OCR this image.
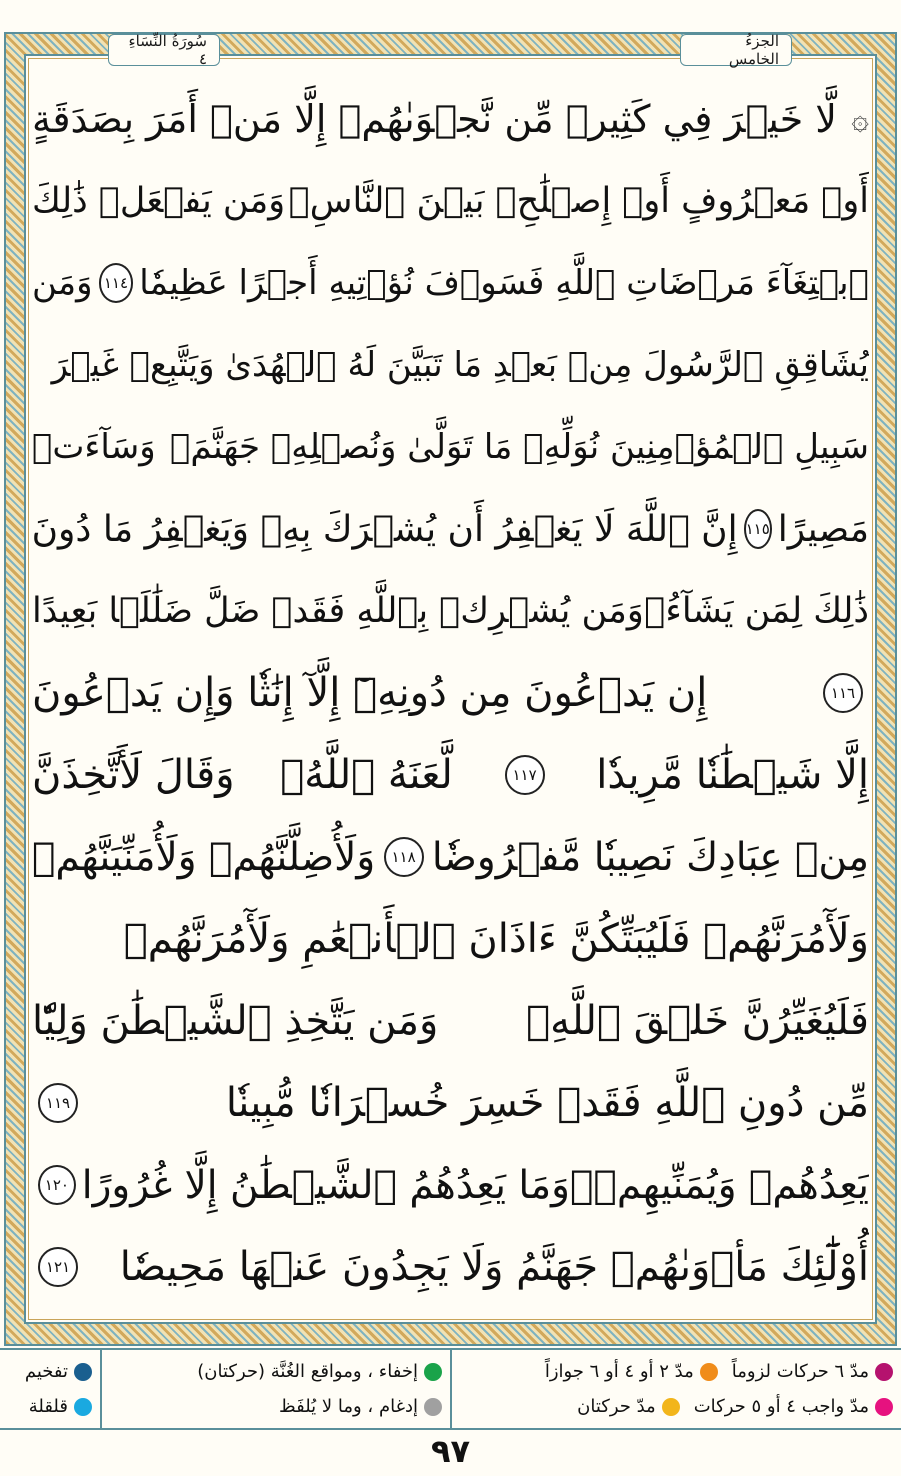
الجزءُ الخامس
سُورَةُ النِّسَاءِ ٤
۞
لَّا خَيۡرَ فِي كَثِيرٖ مِّن نَّجۡوَىٰهُمۡ إِلَّا مَنۡ أَمَرَ بِصَدَقَةٍ
أَوۡ مَعۡرُوفٍ أَوۡ إِصۡلَٰحِۭ بَيۡنَ ٱلنَّاسِۚ
وَمَن يَفۡعَلۡ ذَٰلِكَ
ٱبۡتِغَآءَ مَرۡضَاتِ ٱللَّهِ فَسَوۡفَ نُؤۡتِيهِ أَجۡرًا عَظِيمٗا
١١٤
وَمَن
يُشَاقِقِ ٱلرَّسُولَ مِنۢ بَعۡدِ مَا تَبَيَّنَ لَهُ ٱلۡهُدَىٰ وَيَتَّبِعۡ غَيۡرَ
سَبِيلِ ٱلۡمُؤۡمِنِينَ نُوَلِّهِۦ مَا تَوَلَّىٰ وَنُصۡلِهِۦ جَهَنَّمَۖ
وَسَآءَتۡ
مَصِيرًا
١١٥
إِنَّ ٱللَّهَ لَا يَغۡفِرُ أَن يُشۡرَكَ بِهِۦ وَيَغۡفِرُ مَا دُونَ
ذَٰلِكَ لِمَن يَشَآءُۚ
وَمَن يُشۡرِكۡ بِٱللَّهِ فَقَدۡ ضَلَّ ضَلَٰلَۢا بَعِيدًا
١١٦
إِن يَدۡعُونَ مِن دُونِهِۦٓ إِلَّآ إِنَٰثٗا وَإِن يَدۡعُونَ
إِلَّا شَيۡطَٰنٗا مَّرِيدٗا
١١٧
لَّعَنَهُ ٱللَّهُۘ
وَقَالَ لَأَتَّخِذَنَّ
مِنۡ عِبَادِكَ نَصِيبٗا مَّفۡرُوضٗا
١١٨
وَلَأُضِلَّنَّهُمۡ وَلَأُمَنِّيَنَّهُمۡ
وَلَأٓمُرَنَّهُمۡ فَلَيُبَتِّكُنَّ ءَاذَانَ ٱلۡأَنۡعَٰمِ وَلَأٓمُرَنَّهُمۡ
فَلَيُغَيِّرُنَّ خَلۡقَ ٱللَّهِۚ
وَمَن يَتَّخِذِ ٱلشَّيۡطَٰنَ وَلِيّٗا
مِّن دُونِ ٱللَّهِ فَقَدۡ خَسِرَ خُسۡرَانٗا مُّبِينٗا
١١٩
يَعِدُهُمۡ وَيُمَنِّيهِمۡۖ
وَمَا يَعِدُهُمُ ٱلشَّيۡطَٰنُ إِلَّا غُرُورًا
١٢٠
أُوْلَٰٓئِكَ مَأۡوَىٰهُمۡ جَهَنَّمُ وَلَا يَجِدُونَ عَنۡهَا مَحِيصٗا
١٢١
مدّ ٦ حركات لزوماً
مدّ ٢ أو ٤ أو ٦ جوازاً
مدّ واجب ٤ أو ٥ حركات
مدّ حركتان
إخفاء ، ومواقع الغُنَّة (حركتان)
إدغام ، وما لا يُلفَظ
تفخيم
قلقلة
٩٧
